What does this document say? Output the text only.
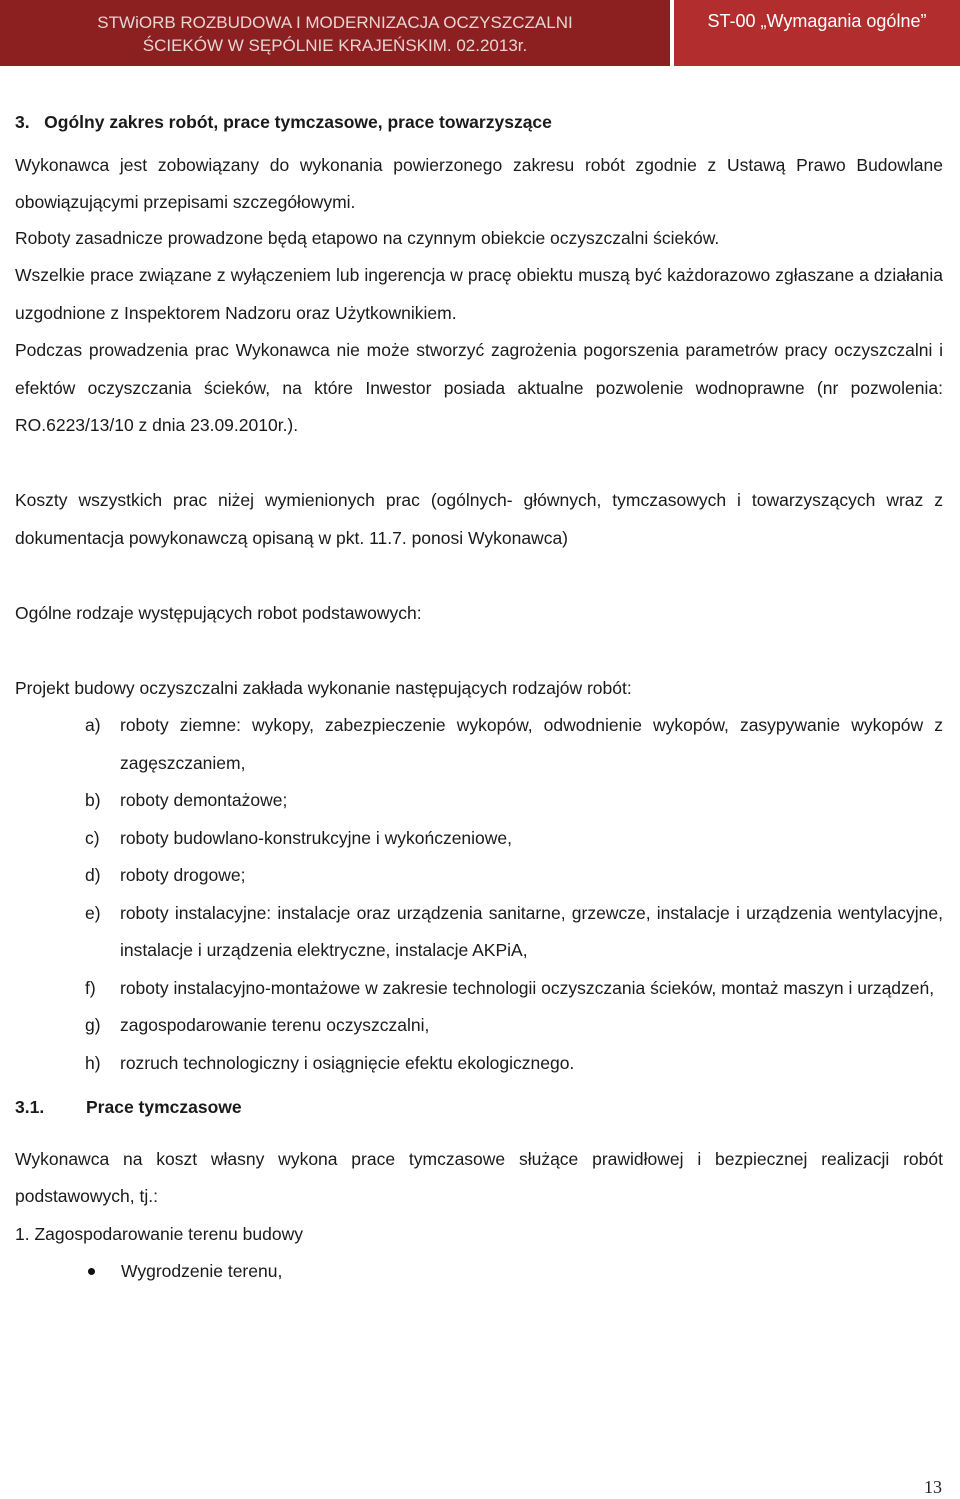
STWiORB ROZBUDOWA I MODERNIZACJA OCZYSZCZALNI
ŚCIEKÓW W SĘPÓLNIE KRAJEŃSKIM. 02.2013r.
ST-00 „Wymagania ogólne”

3.   Ogólny zakres robót, prace tymczasowe, prace towarzyszące

Wykonawca jest zobowiązany do wykonania powierzonego zakresu robót zgodnie z Ustawą Prawo Budowlane obowiązującymi przepisami szczegółowymi.

Roboty zasadnicze prowadzone będą etapowo na czynnym obiekcie oczyszczalni ścieków.

Wszelkie prace związane z wyłączeniem lub ingerencja w pracę obiektu muszą być każdorazowo zgłaszane a działania uzgodnione z Inspektorem Nadzoru oraz Użytkownikiem.

Podczas prowadzenia prac Wykonawca nie może stworzyć zagrożenia pogorszenia parametrów pracy oczyszczalni i efektów oczyszczania ścieków, na które Inwestor posiada aktualne pozwolenie wodnoprawne (nr pozwolenia: RO.6223/13/10 z dnia 23.09.2010r.).

Koszty wszystkich prac niżej wymienionych prac (ogólnych- głównych, tymczasowych i towarzyszących wraz z dokumentacja powykonawczą opisaną w pkt. 11.7. ponosi Wykonawca)

Ogólne rodzaje występujących robot podstawowych:

Projekt budowy oczyszczalni zakłada wykonanie następujących rodzajów robót:

a) roboty ziemne: wykopy, zabezpieczenie wykopów, odwodnienie wykopów, zasypywanie wykopów z zagęszczaniem,
b) roboty demontażowe;
c) roboty budowlano-konstrukcyjne i wykończeniowe,
d) roboty drogowe;
e) roboty instalacyjne: instalacje oraz urządzenia sanitarne, grzewcze, instalacje i urządzenia wentylacyjne, instalacje i urządzenia elektryczne, instalacje AKPiA,
f) roboty instalacyjno-montażowe w zakresie technologii oczyszczania ścieków, montaż maszyn i urządzeń,
g) zagospodarowanie terenu oczyszczalni,
h) rozruch technologiczny i osiągnięcie efektu ekologicznego.
3.1.	Prace tymczasowe

Wykonawca na koszt własny wykona prace tymczasowe służące prawidłowej i bezpiecznej realizacji robót podstawowych, tj.:

1. Zagospodarowanie terenu budowy

Wygrodzenie terenu,
13
